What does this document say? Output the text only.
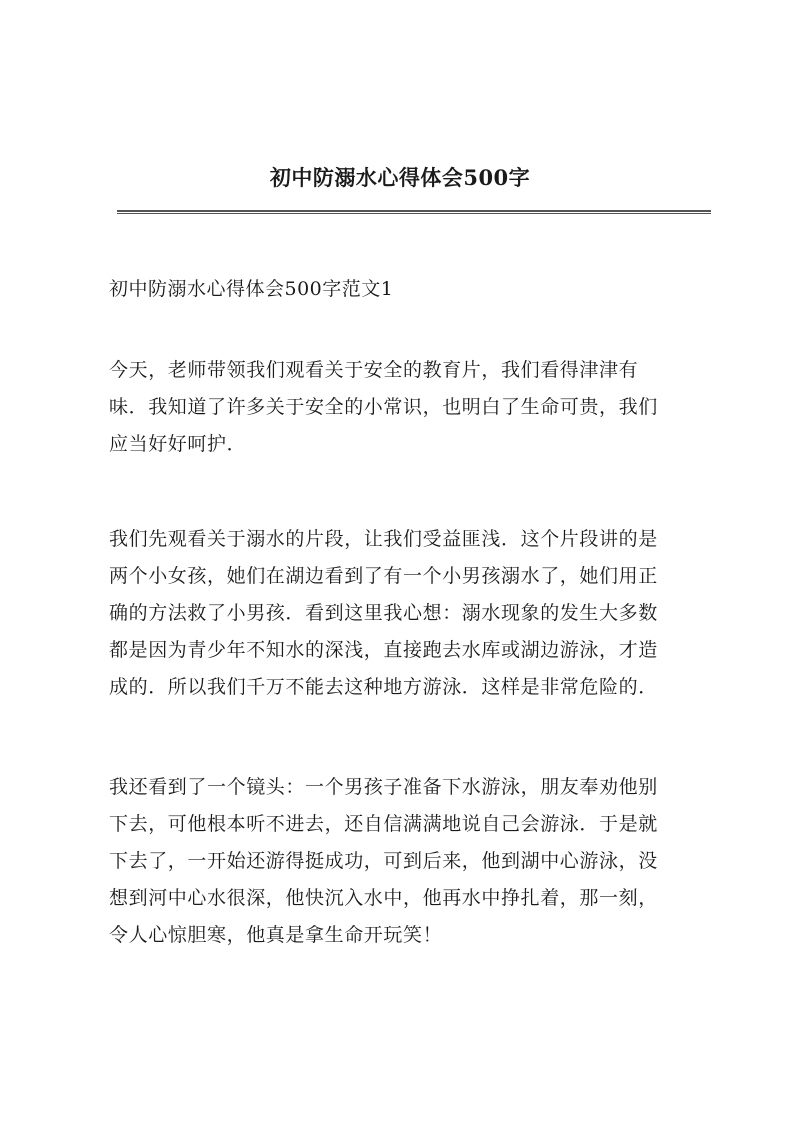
初中防溺水心得体会500字
初中防溺水心得体会500字范文1
今天，老师带领我们观看关于安全的教育片，我们看得津津有
味．我知道了许多关于安全的小常识，也明白了生命可贵，我们
应当好好呵护．
我们先观看关于溺水的片段，让我们受益匪浅．这个片段讲的是
两个小女孩，她们在湖边看到了有一个小男孩溺水了，她们用正
确的方法救了小男孩．看到这里我心想：溺水现象的发生大多数
都是因为青少年不知水的深浅，直接跑去水库或湖边游泳，才造
成的．所以我们千万不能去这种地方游泳．这样是非常危险的．
我还看到了一个镜头：一个男孩子准备下水游泳，朋友奉劝他别
下去，可他根本听不进去，还自信满满地说自己会游泳．于是就
下去了，一开始还游得挺成功，可到后来，他到湖中心游泳，没
想到河中心水很深，他快沉入水中，他再水中挣扎着，那一刻，
令人心惊胆寒，他真是拿生命开玩笑！
